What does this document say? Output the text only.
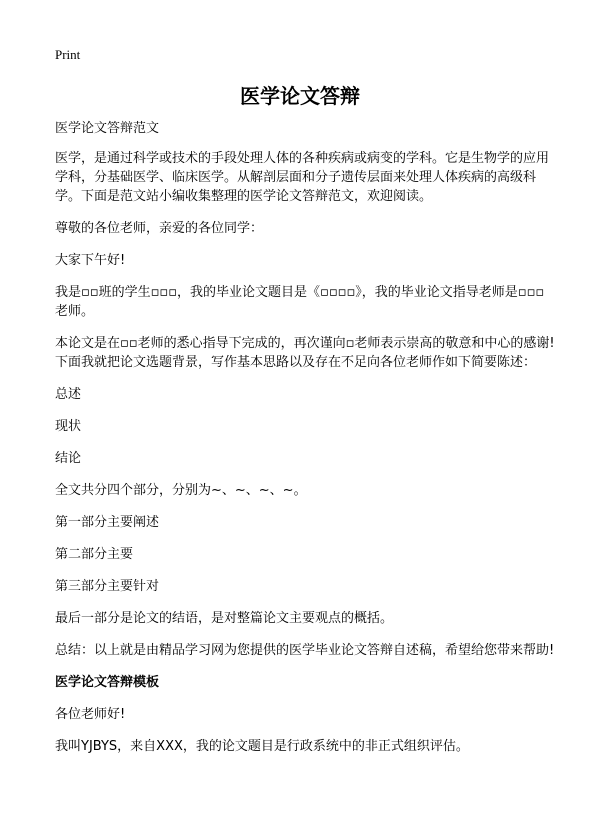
Print
医学论文答辩

医学论文答辩范文

医学，是通过科学或技术的手段处理人体的各种疾病或病变的学科。它是生物学的应用学科，分基础医学、临床医学。从解剖层面和分子遗传层面来处理人体疾病的高级科学。下面是范文站小编收集整理的医学论文答辩范文，欢迎阅读。

尊敬的各位老师，亲爱的各位同学：

大家下午好!

我是▫▫班的学生▫▫▫，我的毕业论文题目是《▫▫▫▫》，我的毕业论文指导老师是▫▫▫老师。

本论文是在▫▫老师的悉心指导下完成的，再次谨向▫老师表示崇高的敬意和中心的感谢!下面我就把论文选题背景，写作基本思路以及存在不足向各位老师作如下简要陈述：

总述

现状

结论

全文共分四个部分，分别为~、~、~、~。

第一部分主要阐述

第二部分主要

第三部分主要针对

最后一部分是论文的结语，是对整篇论文主要观点的概括。

总结：以上就是由精品学习网为您提供的医学毕业论文答辩自述稿，希望给您带来帮助!

医学论文答辩模板

各位老师好!

我叫YJBYS，来自XXX，我的论文题目是行政系统中的非正式组织评估。
